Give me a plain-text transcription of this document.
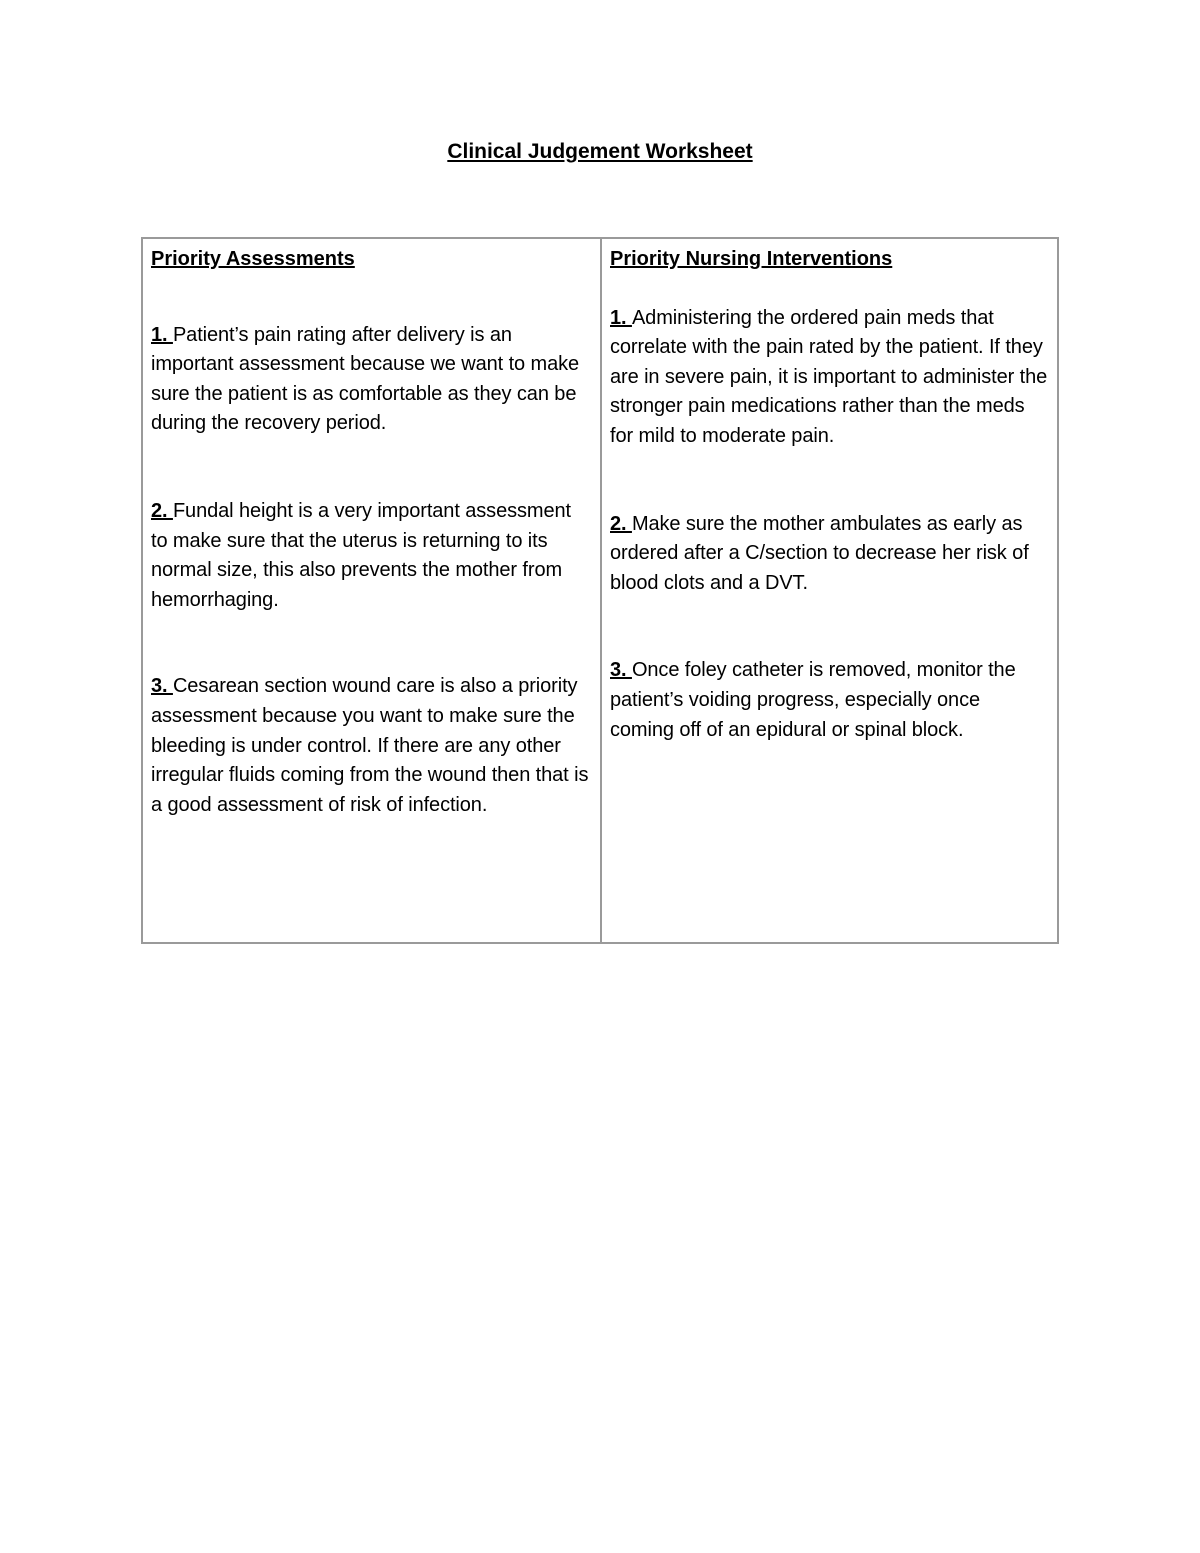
Clinical Judgement Worksheet

Priority Assessments

1. Patient’s pain rating after delivery is an important assessment because we want to make sure the patient is as comfortable as they can be during the recovery period.

2. Fundal height is a very important assessment to make sure that the uterus is returning to its normal size, this also prevents the mother from hemorrhaging.

3. Cesarean section wound care is also a priority assessment because you want to make sure the bleeding is under control. If there are any other irregular fluids coming from the wound then that is a good assessment of risk of infection.

Priority Nursing Interventions

1. Administering the ordered pain meds that correlate with the pain rated by the patient. If they are in severe pain, it is important to administer the stronger pain medications rather than the meds for mild to moderate pain.

2. Make sure the mother ambulates as early as ordered after a C/section to decrease her risk of blood clots and a DVT.

3. Once foley catheter is removed, monitor the patient’s voiding progress, especially once coming off of an epidural or spinal block.
